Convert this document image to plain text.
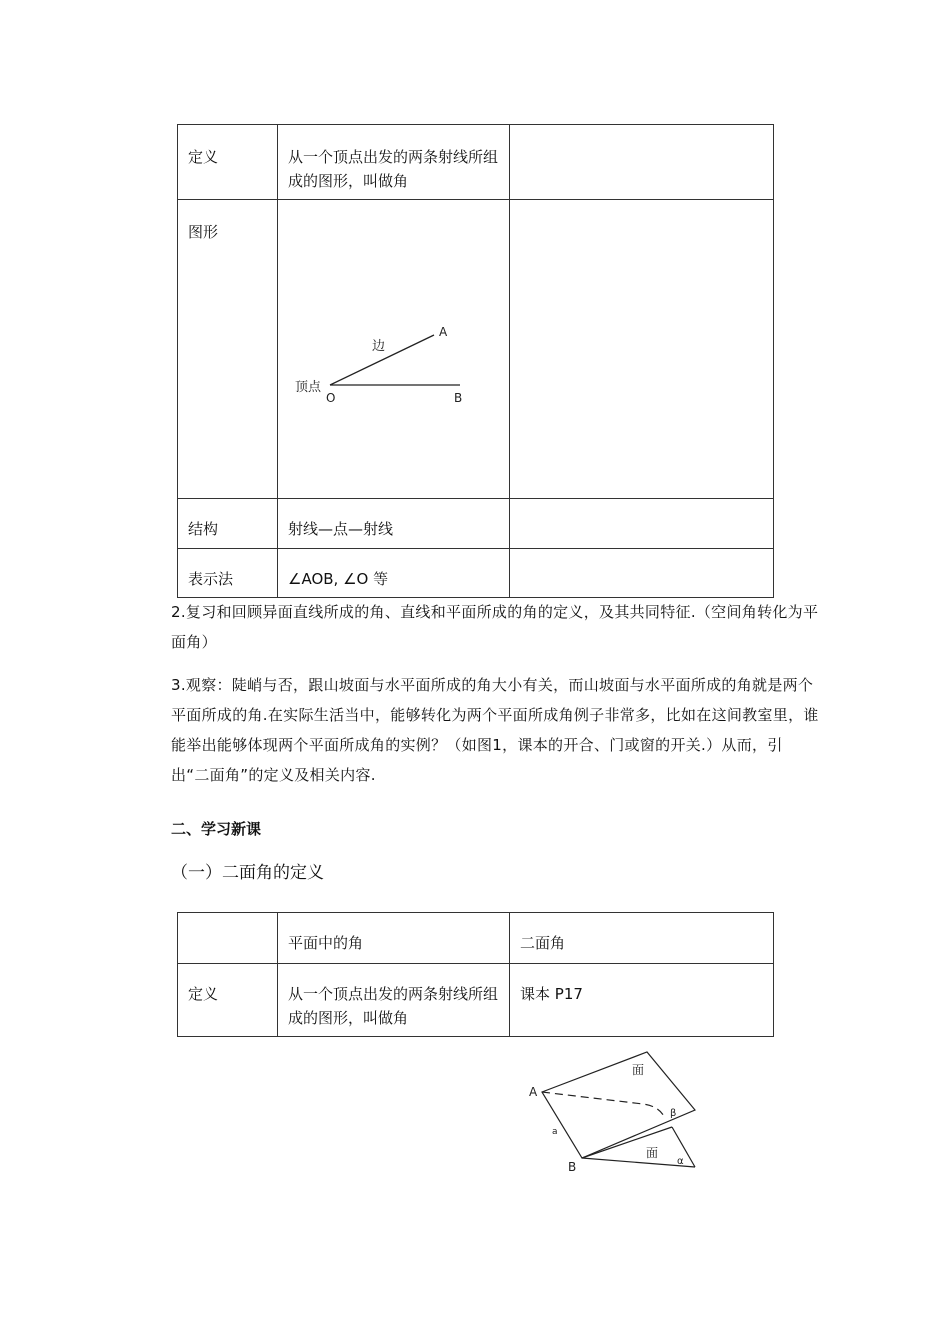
定义	从一个顶点出发的两条射线所组成的图形，叫做角	

图形	边
顶点
O
A
B	

结构	射线—点—射线	

表示法	∠AOB, ∠O 等	

2.复习和回顾异面直线所成的角、直线和平面所成的角的定义，及其共同特征.（空间角转化为平面角）
3.观察：陡峭与否，跟山坡面与水平面所成的角大小有关，而山坡面与水平面所成的角就是两个平面所成的角.在实际生活当中，能够转化为两个平面所成角例子非常多，比如在这间教室里，谁能举出能够体现两个平面所成角的实例？（如图1，课本的开合、门或窗的开关.）从而，引出“二面角”的定义及相关内容.
二、学习新课
（一）二面角的定义

	平面中的角	二面角

定义	从一个顶点出发的两条射线所组成的图形，叫做角	课本 P17
A
B
a
面
面
β
α
